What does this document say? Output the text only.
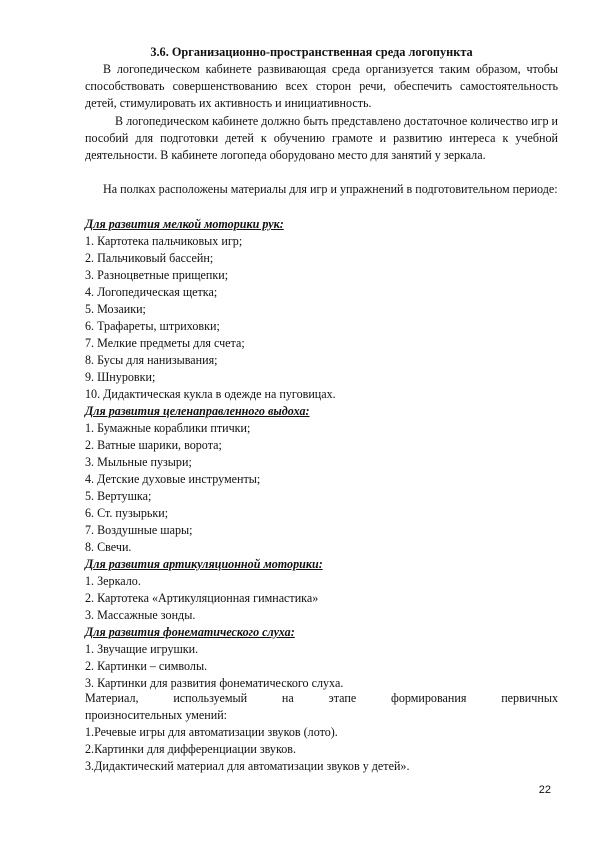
3.6. Организационно-пространственная среда логопункта
В логопедическом кабинете развивающая среда организуется таким образом, чтобы способствовать совершенствованию всех сторон речи, обеспечить самостоятельность детей, стимулировать их активность и инициативность.
В логопедическом кабинете должно быть представлено достаточное количество игр и пособий для подготовки детей к обучению грамоте и развитию интереса к учебной деятельности. В кабинете логопеда оборудовано место для занятий у зеркала.
На полках расположены материалы для игр и упражнений в подготовительном периоде:
Для развития мелкой моторики рук:
1. Картотека пальчиковых игр;
2. Пальчиковый бассейн;
3. Разноцветные прищепки;
4. Логопедическая щетка;
5. Мозаики;
6. Трафареты, штриховки;
7. Мелкие предметы для счета;
8. Бусы для нанизывания;
9. Шнуровки;
10. Дидактическая кукла в одежде на пуговицах.
Для развития целенаправленного выдоха:
1. Бумажные кораблики птички;
2. Ватные шарики, ворота;
3. Мыльные пузыри;
4. Детские духовые инструменты;
5. Вертушка;
6. Ст. пузырьки;
7. Воздушные шары;
8. Свечи.
Для развития артикуляционной моторики:
1. Зеркало.
2. Картотека «Артикуляционная гимнастика»
3. Массажные зонды.
Для развития фонематического слуха:
1. Звучащие игрушки.
2. Картинки – символы.
3. Картинки для развития фонематического слуха.
Материал, используемый на этапе формирования первичных
произносительных умений:
1.Речевые игры для автоматизации звуков (лото).
2.Картинки для дифференциации звуков.
3.Дидактический материал для автоматизации звуков у детей».
22
